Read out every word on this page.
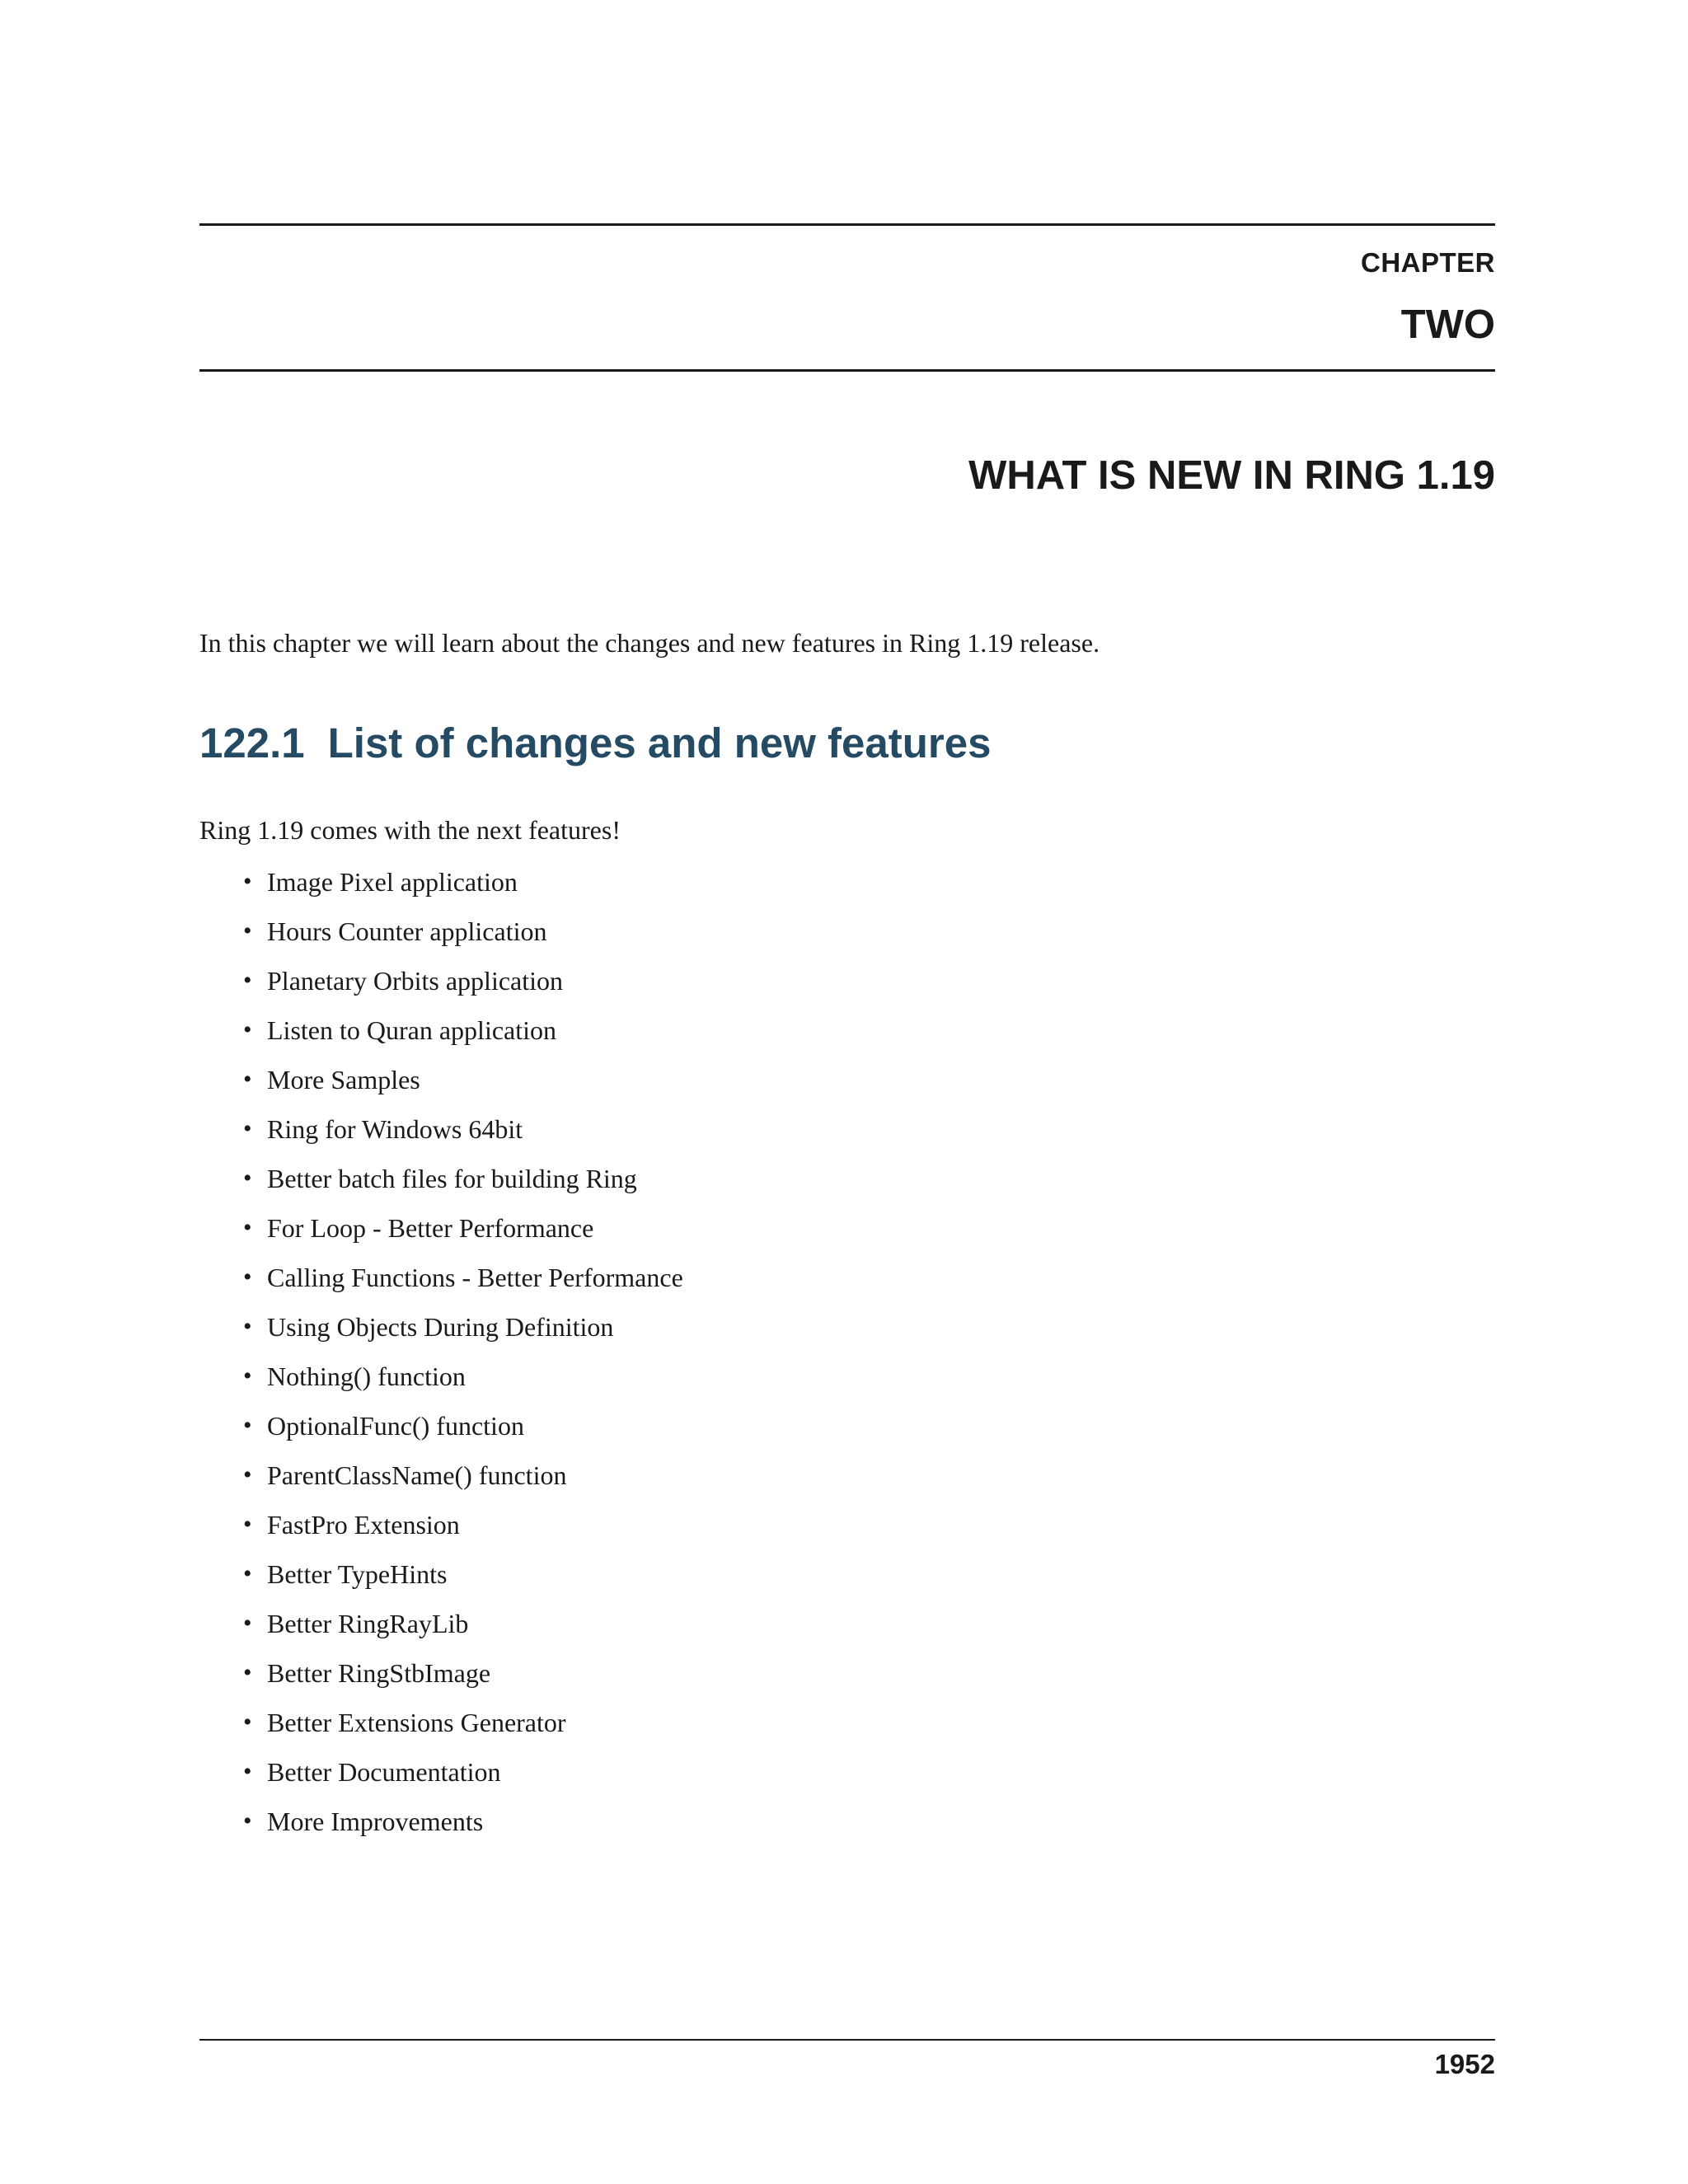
CHAPTER

TWO

WHAT IS NEW IN RING 1.19

In this chapter we will learn about the changes and new features in Ring 1.19 release.

122.1 List of changes and new features

Ring 1.19 comes with the next features!

• Image Pixel application
• Hours Counter application
• Planetary Orbits application
• Listen to Quran application
• More Samples
• Ring for Windows 64bit
• Better batch files for building Ring
• For Loop - Better Performance
• Calling Functions - Better Performance
• Using Objects During Definition
• Nothing() function
• OptionalFunc() function
• ParentClassName() function
• FastPro Extension
• Better TypeHints
• Better RingRayLib
• Better RingStbImage
• Better Extensions Generator
• Better Documentation
• More Improvements

1952
